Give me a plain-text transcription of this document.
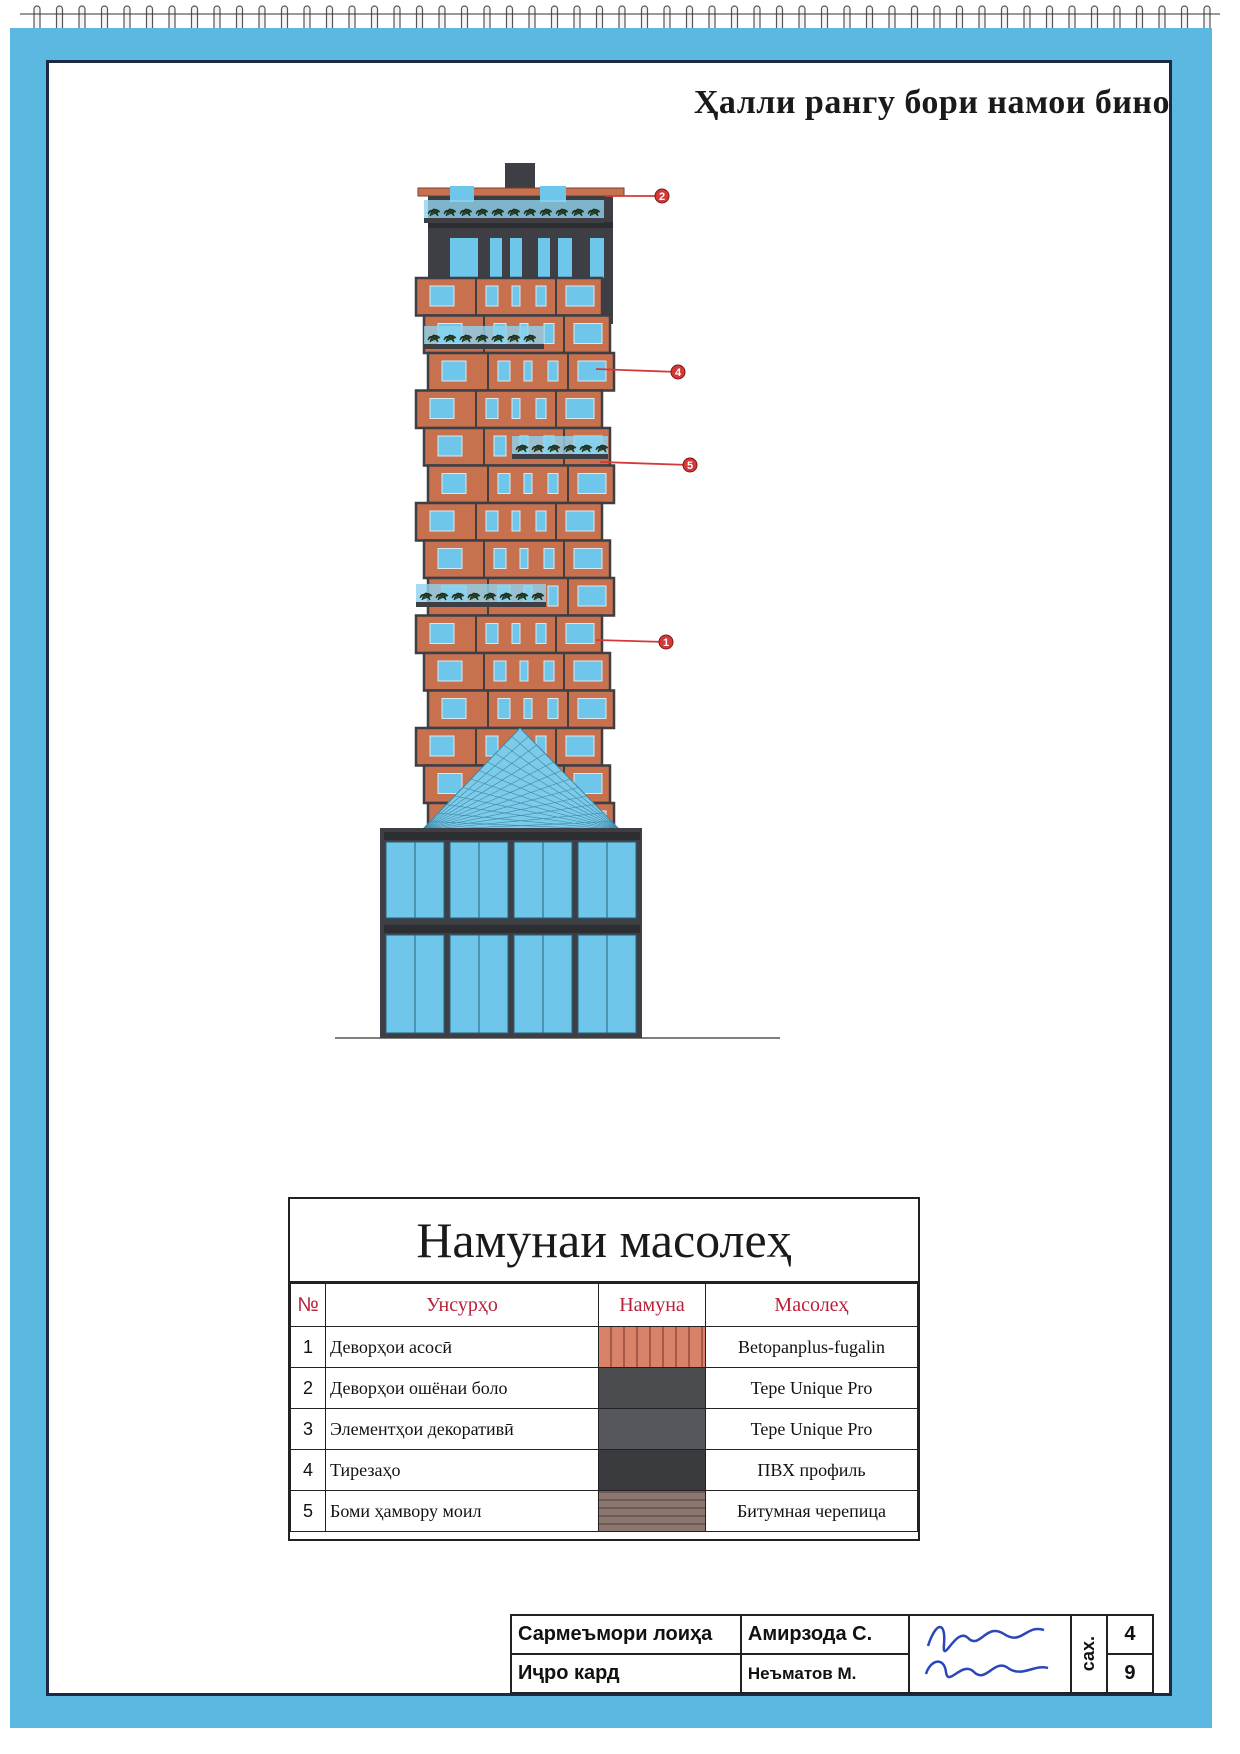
Ҳалли рангу бори намои бино
2
4
5
1
Намунаи масолеҳ
№	Унсурҳо	Намуна	Масолеҳ
1	Деворҳои асосӣ		Betopanplus-fugalin
2	Деворҳои ошёнаи боло		Tepe Unique Pro
3	Элементҳои декоративӣ		Tepe Unique Pro
4	Тирезаҳо		ПВХ профиль
5	Боми ҳамвору моил		Битумная черепица
Сармеъмори лоиҳа	Амирзода С.		сах.	4
Иҷро кард	Неъматов М.			9
